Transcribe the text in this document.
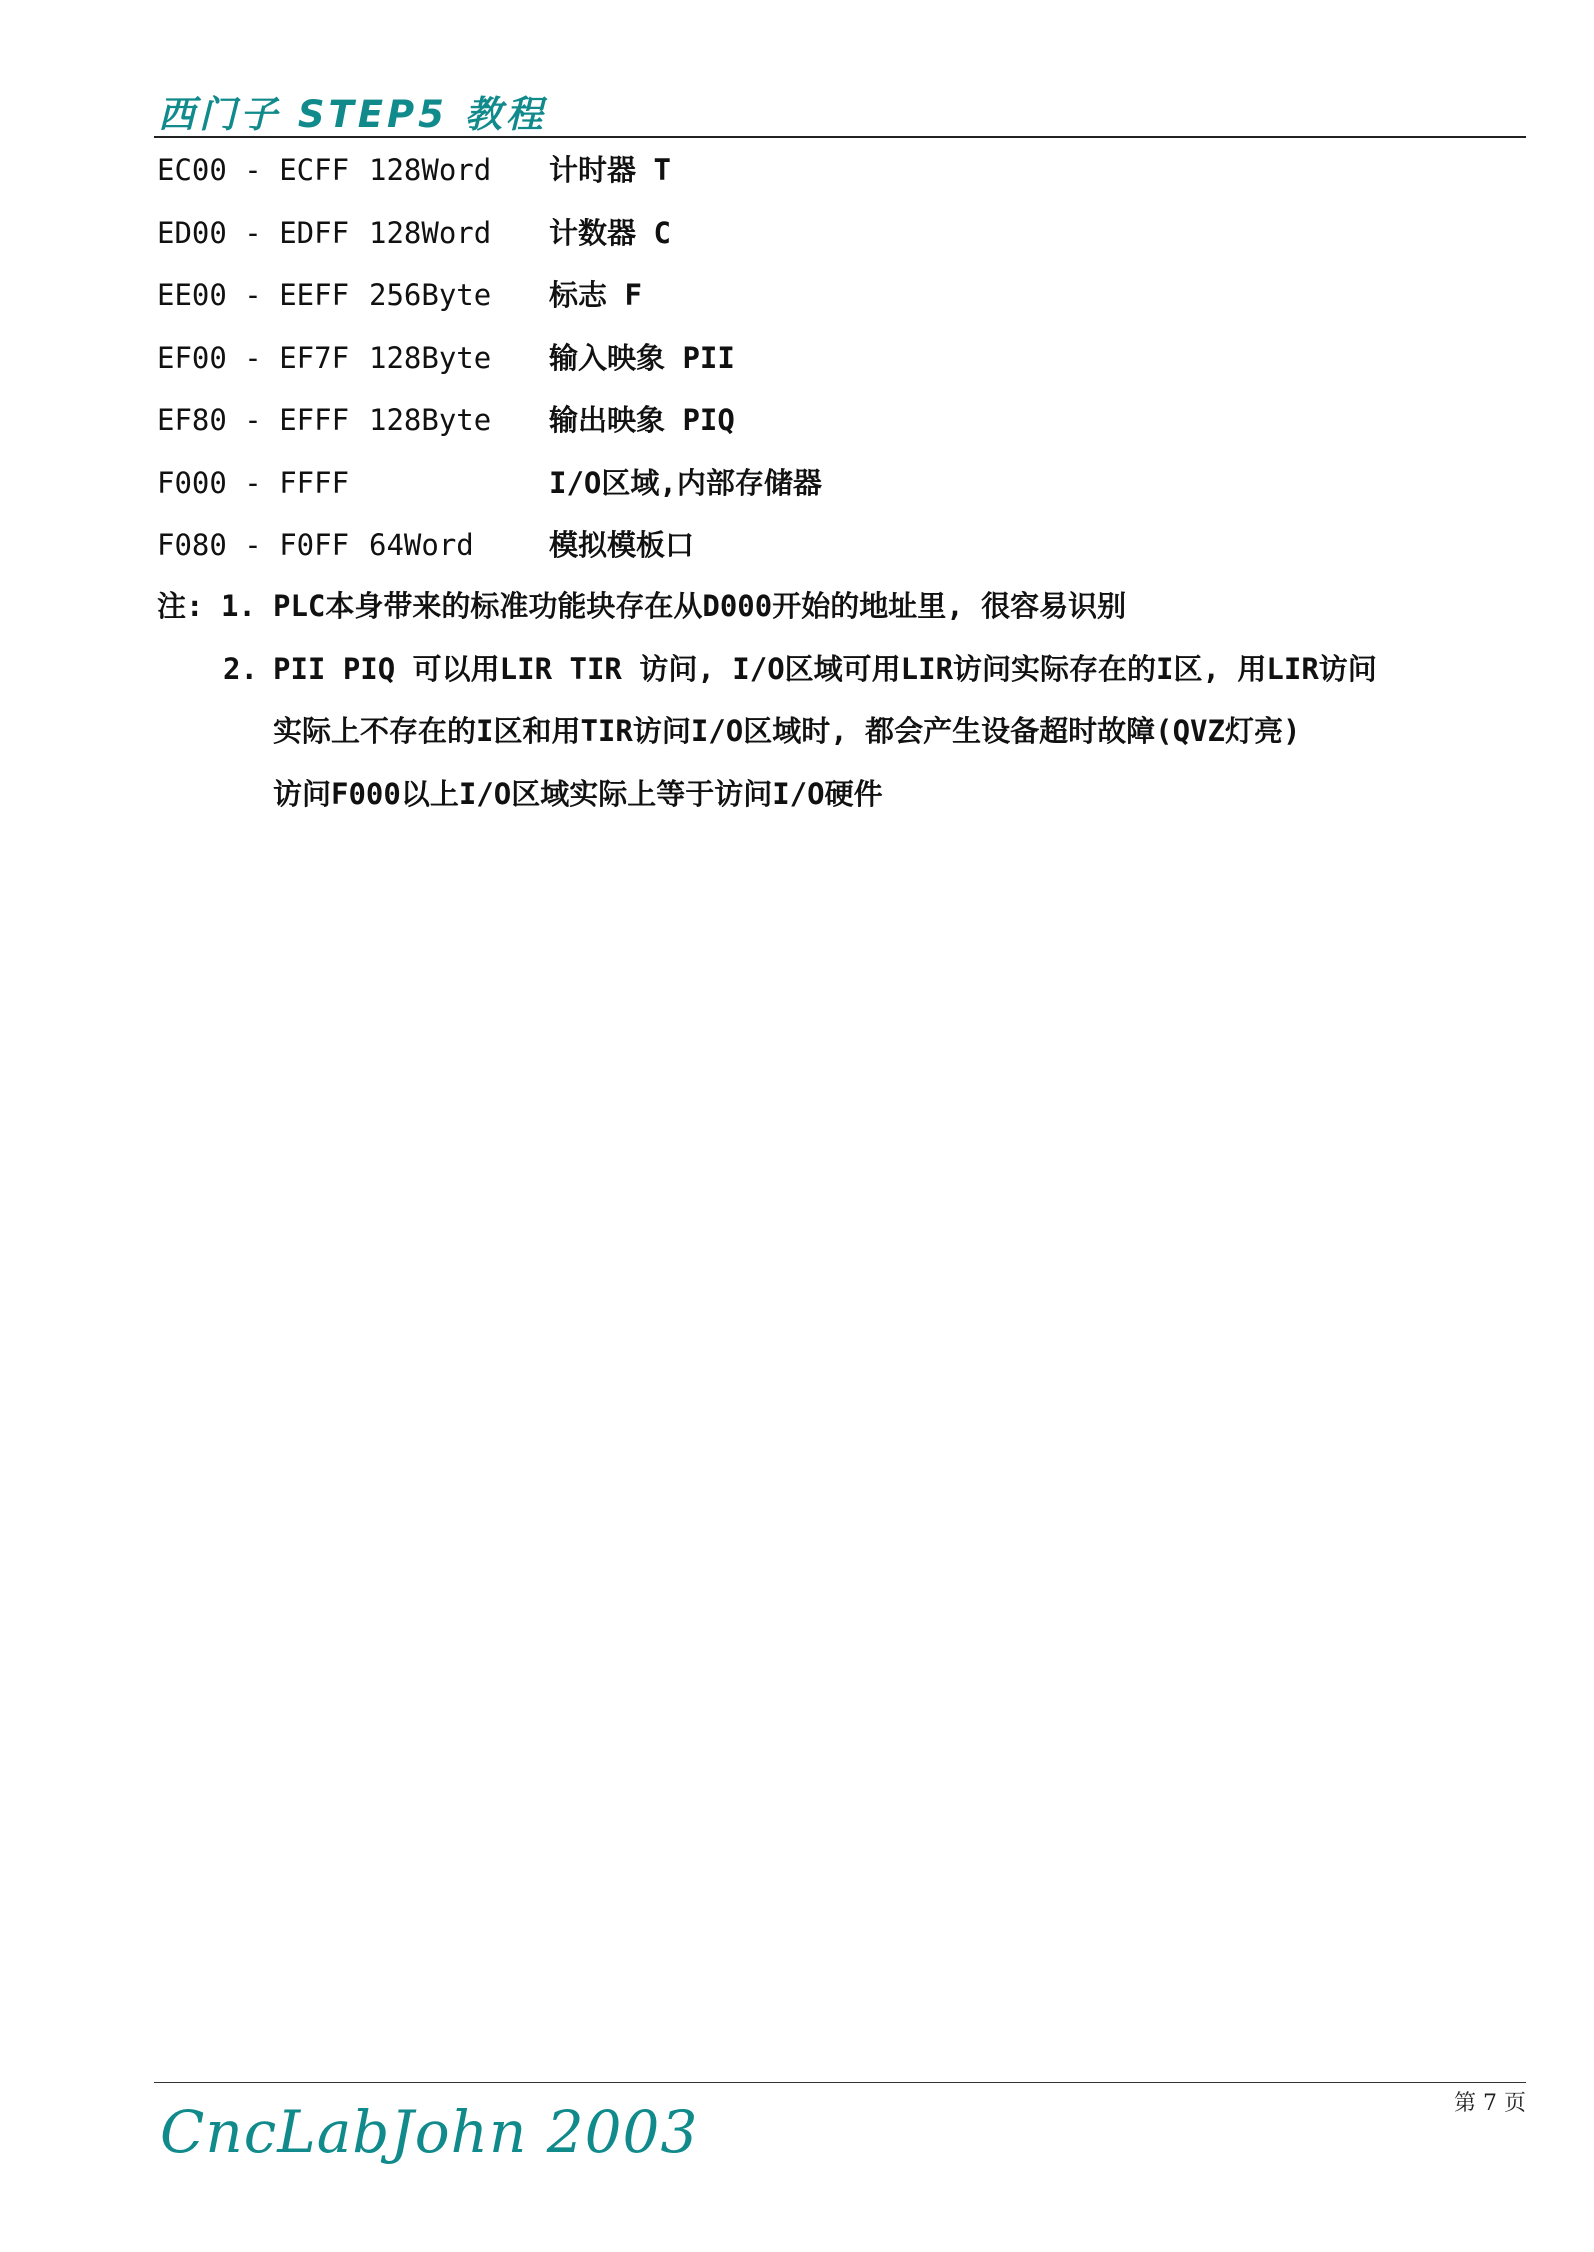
西门子 STEP5 教程
EC00 - ECFF 128Word 计时器 T
ED00 - EDFF 128Word 计数器 C
EE00 - EEFF 256Byte 标志 F
EF00 - EF7F 128Byte 输入映象 PII
EF80 - EFFF 128Byte 输出映象 PIQ
F000 - FFFF	I/O区域,内部存储器
F080 - F0FF 64Word	模拟模板口
注: 1. PLC本身带来的标准功能块存在从D000开始的地址里, 很容易识别
2. PII PIQ 可以用LIR TIR 访问, I/O区域可用LIR访问实际存在的I区, 用LIR访问
实际上不存在的I区和用TIR访问I/O区域时, 都会产生设备超时故障(QVZ灯亮)
访问F000以上I/O区域实际上等于访问I/O硬件
第 7 页
CncLabJohn 2003
